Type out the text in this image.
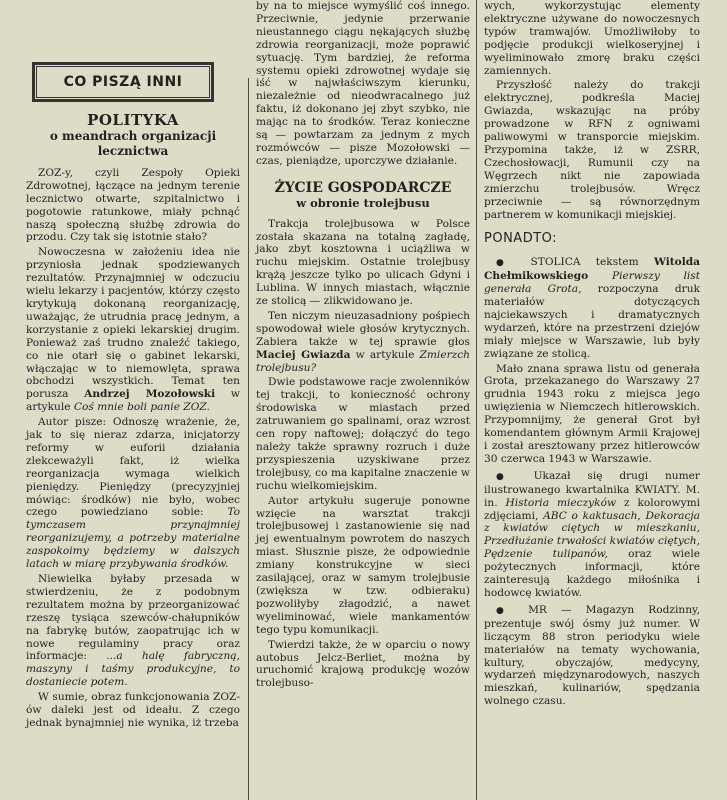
CO PISZĄ INNI
POLITYKA
o meandrach organizacji lecznictwa

ZOZ-y, czyli Zespoły Opieki Zdrowotnej, łączące na jednym terenie lecznictwo otwarte, szpitalnictwo i pogotowie ratunkowe, miały pchnąć naszą społeczną służbę zdrowia do przodu. Czy tak się istotnie stało?

Nowoczesna w założeniu idea nie przyniosła jednak spodziewanych rezultatów. Przynajmniej w odczuciu wielu lekarzy i pacjentów, którzy często krytykują dokonaną reorganizację, uważając, że utrudnia pracę jednym, a korzystanie z opieki lekarskiej drugim. Ponieważ zaś trudno znaleźć takiego, co nie otarł się o gabinet lekarski, włączając w to niemowlęta, sprawa obchodzi wszystkich. Temat ten porusza Andrzej Mozołowski w artykule Coś mnie boli panie ZOZ.

Autor pisze: Odnoszę wrażenie, że, jak to się nieraz zdarza, inicjatorzy reformy w euforii działania zlekceważyli fakt, iż wielka reorganizacja wymaga wielkich pieniędzy. Pieniędzy (precyzyjniej mówiąc: środków) nie było, wobec czego powiedziano sobie: To tymczasem przynajmniej reorganizujemy, a potrzeby materialne zaspokoimy będziemy w dalszych latach w miarę przybywania środków.

Niewielka byłaby przesada w stwierdzeniu, że z podobnym rezultatem można by przeorganizować rzeszę tysiąca szewców-chałupników na fabrykę butów, zaopatrując ich w nowe regulaminy pracy oraz informacje: ...a halę fabryczną, maszyny i taśmy produkcyjne, to dostaniecie potem.

W sumie, obraz funkcjonowania ZOZ-ów daleki jest od ideału. Z czego jednak bynajmniej nie wynika, iż trzeba

by na to miejsce wymyślić coś innego. Przeciwnie, jedynie przerwanie nieustannego ciągu nękających służbę zdrowia reorganizacji, może poprawić sytuację. Tym bardziej, że reforma systemu opieki zdrowotnej wydaje się iść w najwłaściwszym kierunku, niezależnie od nieodwracalnego już faktu, iż dokonano jej zbyt szybko, nie mając na to środków. Teraz konieczne są — powtarzam za jednym z mych rozmówców — pisze Mozołowski — czas, pieniądze, uporczywe działanie.

ŻYCIE GOSPODARCZE
w obronie trolejbusu

Trakcja trolejbusowa w Polsce została skazana na totalną zagładę, jako zbyt kosztowna i uciążliwa w ruchu miejskim. Ostatnie trolejbusy krążą jeszcze tylko po ulicach Gdyni i Lublina. W innych miastach, włącznie ze stolicą — zlikwidowano je.

Ten niczym nieuzasadniony pośpiech spowodował wiele głosów krytycznych. Zabiera także w tej sprawie głos Maciej Gwiazda w artykule Zmierzch trolejbusu?

Dwie podstawowe racje zwolenników tej trakcji, to konieczność ochrony środowiska w miastach przed zatruwaniem go spalinami, oraz wzrost cen ropy naftowej; dołączyć do tego należy także sprawny rozruch i duże przyspieszenia uzyskiwane przez trolejbusy, co ma kapitalne znaczenie w ruchu wielkomiejskim.

Autor artykułu sugeruje ponowne wzięcie na warsztat trakcji trolejbusowej i zastanowienie się nad jej ewentualnym powrotem do naszych miast. Słusznie pisze, że odpowiednie zmiany konstrukcyjne w sieci zasilającej, oraz w samym trolejbusie (zwiększa w tzw. odbieraku) pozwoliłyby złagodzić, a nawet wyeliminować, wiele mankamentów tego typu komunikacji.

Twierdzi także, że w oparciu o nowy autobus Jelcz-Berliet, można by uruchomić krajową produkcję wozów trolejbuso-

wych, wykorzystując elementy elektryczne używane do nowoczesnych typów tramwajów. Umożliwiłoby to podjęcie produkcji wielkoseryjnej i wyeliminowało zmorę braku części zamiennych.

Przyszłość należy do trakcji elektrycznej, podkreśla Maciej Gwiazda, wskazując na próby prowadzone w RFN z ogniwami paliwowymi w transporcie miejskim. Przypomina także, iż w ZSRR, Czechosłowacji, Rumunii czy na Węgrzech nikt nie zapowiada zmierzchu trolejbusów. Wręcz przeciwnie — są równorzędnym partnerem w komunikacji miejskiej.

PONADTO:

● STOLICA tekstem Witolda Chełmikowskiego Pierwszy list generała Grota, rozpoczyna druk materiałów dotyczących najciekawszych i dramatycznych wydarzeń, które na przestrzeni dziejów miały miejsce w Warszawie, lub były związane ze stolicą.

Mało znana sprawa listu od generała Grota, przekazanego do Warszawy 27 grudnia 1943 roku z miejsca jego uwięzienia w Niemczech hitlerowskich. Przypomnijmy, że generał Grot był komendantem głównym Armii Krajowej i został aresztowany przez hitlerowców 30 czerwca 1943 w Warszawie.

● Ukazał się drugi numer ilustrowanego kwartalnika KWIATY. M. in. Historia mieczyków z kolorowymi zdjęciami, ABC o kaktusach, Dekoracja z kwiatów ciętych w mieszkaniu, Przedłużanie trwałości kwiatów ciętych, Pędzenie tulipanów, oraz wiele pożytecznych informacji, które zainteresują każdego miłośnika i hodowcę kwiatów.

● MR — Magazyn Rodzinny, prezentuje swój ósmy już numer. W liczącym 88 stron periodyku wiele materiałów na tematy wychowania, kultury, obyczajów, medycyny, wydarzeń międzynarodowych, naszych mieszkań, kulinariów, spędzania wolnego czasu.
